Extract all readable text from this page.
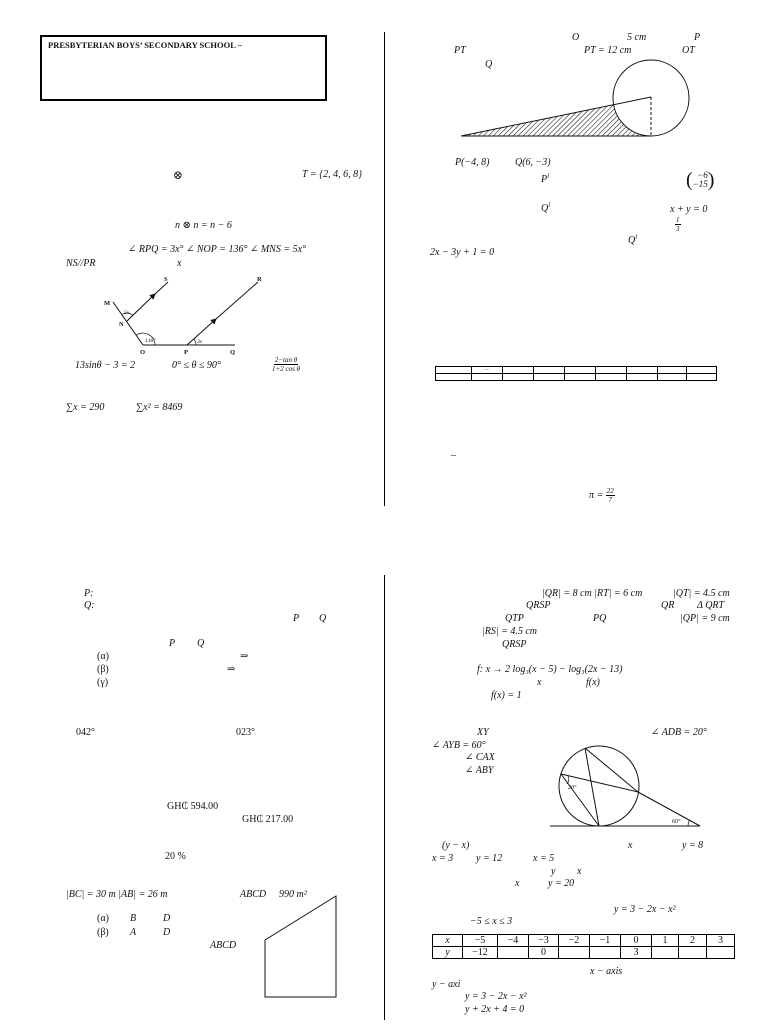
PRESBYTERIAN BOYS’ SECONDARY SCHOOL –
⊗	T = {2, 4, 6, 8}
n ⊗ n = n − 6
∠ RPQ = 3x° ∠ NOP = 136° ∠ MNS = 5x°
NS//PR	x
M
S
N
R
O	P	Q
5x
136°	3x
13sinθ − 3 = 2	0° ≤ θ ≤ 90°	$\frac{\text{2−tan θ}}{\text{1+2 cos θ}}$
∑x = 290	∑x² = 8469
O	5 cm	P
PT	PT = 12 cm	OT
Q
P(−4, 8)	Q(6, −3)
$P^I$	( −6
−15 )
$Q^I$	x + y = 0
$\frac{1}{3}$
$Q^I$
2x − 3y + 1 = 0
	–							

–
$\pi = \frac{22}{7}$
P:
Q:
P Q
P Q
(α)	⇒
(β)	⇒
(γ)
042°	023°
GH₵ 594.00
GH₵ 217.00
20 %
|BC| = 30 m |AB| = 26 m	ABCD 990 m²
(α) B	D
(β) A	D
ABCD
|QR| = 8 cm |RT| = 6 cm	|QT| = 4.5 cm
QRSP	QR Δ QRT
QTP	PQ	|QP| = 9 cm
|RS| = 4.5 cm
QRSP
f: x → 2 log₃(x − 5) − log₃(2x − 13)
x	f(x)
f(x) = 1
XY	∠ ADB = 20°
∠ AYB = 60°
∠ CAX
∠ ABY
20°
60°
(y − x)	x	y = 8
x = 3 y = 12	x = 5
y x
x	y = 20
y = 3 − 2x − x²
−5 ≤ x ≤ 3
x	−5	−4	−3	−2	−1	0	1	2	3
y	−12		0			3			
x − axis
y − axi
y = 3 − 2x − x²
y + 2x + 4 = 0
